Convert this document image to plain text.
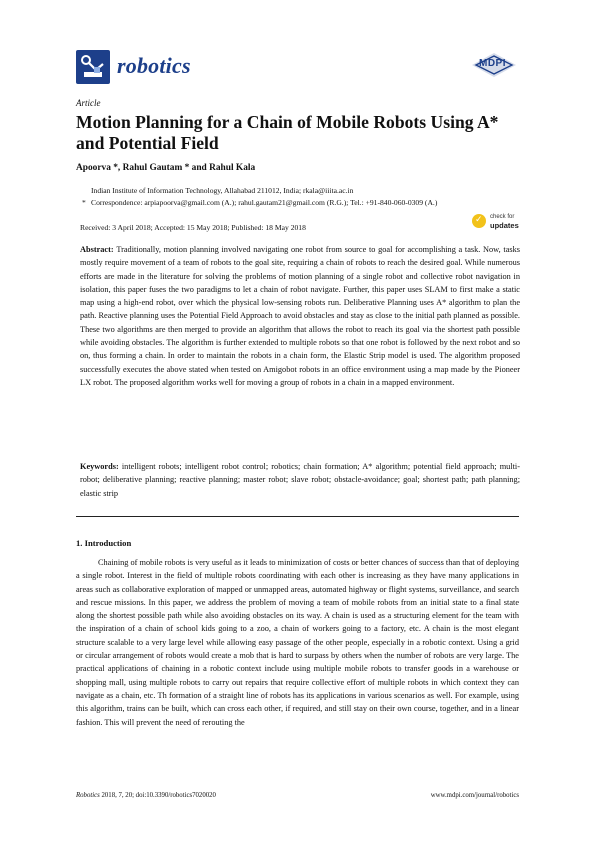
robotics	MDPI
Article
Motion Planning for a Chain of Mobile Robots Using A* and Potential Field
Apoorva *, Rahul Gautam * and Rahul Kala
Indian Institute of Information Technology, Allahabad 211012, India; rkala@iiita.ac.in
* Correspondence: arpiapoorva@gmail.com (A.); rahul.gautam21@gmail.com (R.G.); Tel.: +91-840-060-0309 (A.)
Received: 3 April 2018; Accepted: 15 May 2018; Published: 18 May 2018
✓ check for
updates
Abstract: Traditionally, motion planning involved navigating one robot from source to goal for accomplishing a task. Now, tasks mostly require movement of a team of robots to the goal site, requiring a chain of robots to reach the desired goal. While numerous efforts are made in the literature for solving the problems of motion planning of a single robot and collective robot navigation in isolation, this paper fuses the two paradigms to let a chain of robot navigate. Further, this paper uses SLAM to first make a static map using a high-end robot, over which the physical low-sensing robots run. Deliberative Planning uses A* algorithm to plan the path. Reactive planning uses the Potential Field Approach to avoid obstacles and stay as close to the initial path planned as possible. These two algorithms are then merged to provide an algorithm that allows the robot to reach its goal via the shortest path possible while avoiding obstacles. The algorithm is further extended to multiple robots so that one robot is followed by the next robot and so on, thus forming a chain. In order to maintain the robots in a chain form, the Elastic Strip model is used. The algorithm proposed successfully executes the above stated when tested on Amigobot robots in an office environment using a map made by the Pioneer LX robot. The proposed algorithm works well for moving a group of robots in a chain in a mapped environment.
Keywords: intelligent robots; intelligent robot control; robotics; chain formation; A* algorithm; potential field approach; multi-robot; deliberative planning; reactive planning; master robot; slave robot; obstacle-avoidance; goal; shortest path; path planning; elastic strip
1. Introduction
Chaining of mobile robots is very useful as it leads to minimization of costs or better chances of success than that of deploying a single robot. Interest in the field of multiple robots coordinating with each other is increasing as they have many applications in areas such as collaborative exploration of mapped or unmapped areas, automated highway or flight systems, surveillance, and search and rescue missions. In this paper, we address the problem of moving a team of mobile robots from an initial state to a final state along the shortest possible path while also avoiding obstacles on its way. A chain is used as a structuring element for the team with the inspiration of a chain of school kids going to a zoo, a chain of workers going to a factory, etc. A chain is the most elegant structure scalable to a very large level while allowing easy passage of the other people, especially in a robotic context. Using a grid or circular arrangement of robots would create a mob that is hard to surpass by others when the number of robots are very large. The practical applications of chaining in a robotic context include using multiple mobile robots to transfer goods in a warehouse or shopping mall, using multiple robots to carry out repairs that require collective effort of multiple robots in which context they can navigate as a chain, etc. Th formation of a straight line of robots has its applications in various scenarios as well. For example, using this algorithm, trains can be built, which can cross each other, if required, and still stay on their own course, together, and in a linear fashion. This will prevent the need of rerouting the
Robotics 2018, 7, 20; doi:10.3390/robotics7020020	www.mdpi.com/journal/robotics
